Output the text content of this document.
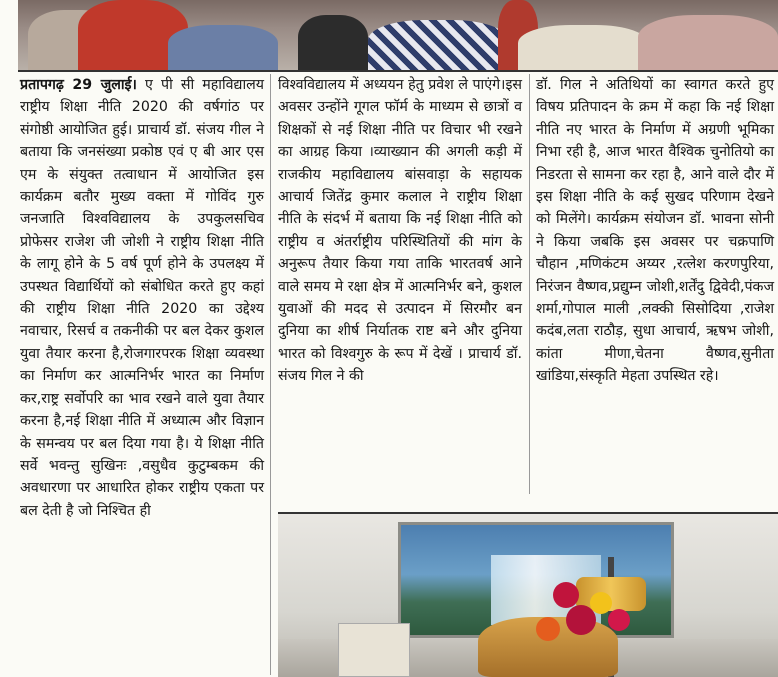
प्रतापगढ़ 29 जुलाई। ए पी सी महाविद्यालय राष्ट्रीय शिक्षा नीति 2020 की वर्षगांठ पर संगोष्ठी आयोजित हुई। प्राचार्य डॉ. संजय गील ने बताया कि जनसंख्या प्रकोष्ठ एवं ए बी आर एस एम के संयुक्त तत्वाधान में आयोजित इस कार्यक्रम बतौर मुख्य वक्ता में गोविंद गुरु जनजाति विश्वविद्यालय के उपकुलसचिव प्रोफेसर राजेश जी जोशी ने राष्ट्रीय शिक्षा नीति के लागू होने के 5 वर्ष पूर्ण होने के उपलक्ष्य में उपस्थत विद्यार्थियों को संबोधित करते हुए कहां की राष्ट्रीय शिक्षा नीति 2020 का उद्देश्य नवाचार, रिसर्च व तकनीकी पर बल देकर कुशल युवा तैयार करना है,रोजगारपरक शिक्षा व्यवस्था का निर्माण कर आत्मनिर्भर भारत का निर्माण कर,राष्ट्र सर्वोपरि का भाव रखने वाले युवा तैयार करना है,नई शिक्षा नीति में अध्यात्म और विज्ञान के समन्वय पर बल दिया गया है। ये शिक्षा नीति सर्वे भवन्तु सुखिनः ,वसुधैव कुटुम्बकम की अवधारणा पर आधारित होकर राष्ट्रीय एकता पर बल देती है जो निश्चित ही

विश्वविद्यालय में अध्ययन हेतु प्रवेश ले पाएंगे।इस अवसर उन्होंने गूगल फॉर्म के माध्यम से छात्रों व शिक्षकों से नई शिक्षा नीति पर विचार भी रखने का आग्रह किया ।व्याख्यान की अगली कड़ी में राजकीय महाविद्यालय बांसवाड़ा के सहायक आचार्य जितेंद्र कुमार कलाल ने राष्ट्रीय शिक्षा नीति के संदर्भ में बताया कि नई शिक्षा नीति को राष्ट्रीय व अंतर्राष्ट्रीय परिस्थितियों की मांग के अनुरूप तैयार किया गया ताकि भारतवर्ष आने वाले समय मे रक्षा क्षेत्र में आत्मनिर्भर बने, कुशल युवाओं की मदद से उत्पादन में सिरमौर बन दुनिया का शीर्ष निर्यातक राष्ट बने और दुनिया भारत को विश्वगुरु के रूप में देखें । प्राचार्य डॉ. संजय गिल ने की

डॉ. गिल ने अतिथियों का स्वागत करते हुए विषय प्रतिपादन के क्रम में कहा कि नई शिक्षा नीति नए भारत के निर्माण में अग्रणी भूमिका निभा रही है, आज भारत वैश्विक चुनोतियो का निडरता से सामना कर रहा है, आने वाले दौर में इस शिक्षा नीति के कई सुखद परिणाम देखने को मिलेंगे। कार्यक्रम संयोजन डॉ. भावना सोनी ने किया जबकि इस अवसर पर चक्रपाणि चौहान ,मणिकंटम अय्यर ,रत्लेश करणपुरिया, निरंजन वैष्णव,प्रद्युम्न जोशी,शर्तेंदु द्विवेदी,पंकज शर्मा,गोपाल माली ,लक्की सिसोदिया ,राजेश कदंब,लता राठौड़, सुधा आचार्य, ऋषभ जोशी, कांता मीणा,चेतना वैष्णव,सुनीता खांडिया,संस्कृति मेहता उपस्थित रहे।
